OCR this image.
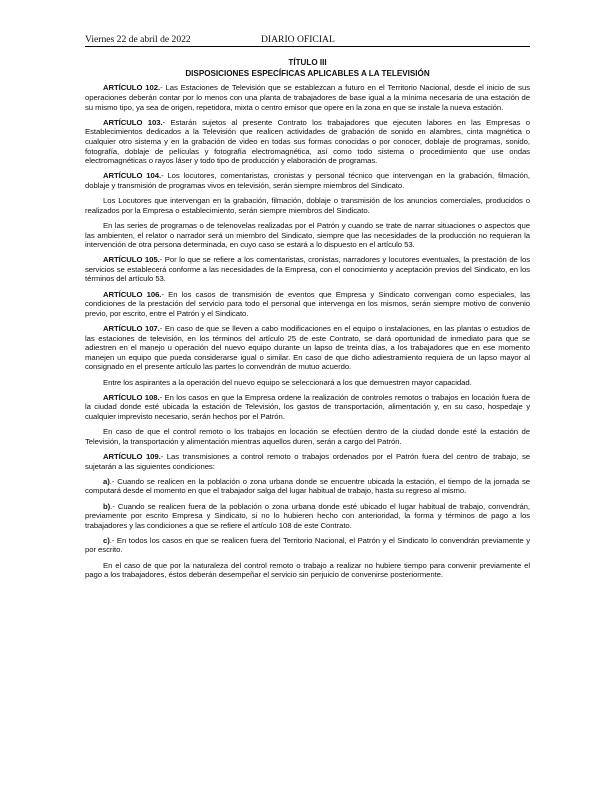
Viernes 22 de abril de 2022	DIARIO OFICIAL

TÍTULO III

DISPOSICIONES ESPECÍFICAS APLICABLES A LA TELEVISIÓN

ARTÍCULO 102.- Las Estaciones de Televisión que se establezcan a futuro en el Territorio Nacional, desde el inicio de sus operaciones deberán contar por lo menos con una planta de trabajadores de base igual a la mínima necesaria de una estación de su mismo tipo, ya sea de origen, repetidora, mixta o centro emisor que opere en la zona en que se instale la nueva estación.

ARTÍCULO 103.- Estarán sujetos al presente Contrato los trabajadores que ejecuten labores en las Empresas o Establecimientos dedicados a la Televisión que realicen actividades de grabación de sonido en alambres, cinta magnética o cualquier otro sistema y en la grabación de video en todas sus formas conocidas o por conocer, doblaje de programas, sonido, fotografía, doblaje de películas y fotografía electromagnética, así como todo sistema o procedimiento que use ondas electromagnéticas o rayos láser y todo tipo de producción y elaboración de programas.

ARTÍCULO 104.- Los locutores, comentaristas, cronistas y personal técnico que intervengan en la grabación, filmación, doblaje y transmisión de programas vivos en televisión, serán siempre miembros del Sindicato.

Los Locutores que intervengan en la grabación, filmación, doblaje o transmisión de los anuncios comerciales, producidos o realizados por la Empresa o establecimiento, serán siempre miembros del Sindicato.

En las series de programas o de telenovelas realizadas por el Patrón y cuando se trate de narrar situaciones o aspectos que las ambienten, el relator o narrador será un miembro del Sindicato, siempre que las necesidades de la producción no requieran la intervención de otra persona determinada, en cuyo caso se estará a lo dispuesto en el artículo 53.

ARTÍCULO 105.- Por lo que se refiere a los comentaristas, cronistas, narradores y locutores eventuales, la prestación de los servicios se establecerá conforme a las necesidades de la Empresa, con el conocimiento y aceptación previos del Sindicato, en los términos del artículo 53.

ARTÍCULO 106.- En los casos de transmisión de eventos que Empresa y Sindicato convengan como especiales, las condiciones de la prestación del servicio para todo el personal que intervenga en los mismos, serán siempre motivo de convenio previo, por escrito, entre el Patrón y el Sindicato.

ARTÍCULO 107.- En caso de que se lleven a cabo modificaciones en el equipo o instalaciones, en las plantas o estudios de las estaciones de televisión, en los términos del artículo 25 de este Contrato, se dará oportunidad de inmediato para que se adiestren en el manejo u operación del nuevo equipo durante un lapso de treinta días, a los trabajadores que en ese momento manejen un equipo que pueda considerarse igual o similar. En caso de que dicho adiestramiento requiera de un lapso mayor al consignado en el presente artículo las partes lo convendrán de mutuo acuerdo.

Entre los aspirantes a la operación del nuevo equipo se seleccionará a los que demuestren mayor capacidad.

ARTÍCULO 108.- En los casos en que la Empresa ordene la realización de controles remotos o trabajos en locación fuera de la ciudad donde esté ubicada la estación de Televisión, los gastos de transportación, alimentación y, en su caso, hospedaje y cualquier imprevisto necesario, serán hechos por el Patrón.

En caso de que el control remoto o los trabajos en locación se efectúen dentro de la ciudad donde esté la estación de Televisión, la transportación y alimentación mientras aquellos duren, serán a cargo del Patrón.

ARTÍCULO 109.- Las transmisiones a control remoto o trabajos ordenados por el Patrón fuera del centro de trabajo, se sujetarán a las siguientes condiciones:

a).- Cuando se realicen en la población o zona urbana donde se encuentre ubicada la estación, el tiempo de la jornada se computará desde el momento en que el trabajador salga del lugar habitual de trabajo, hasta su regreso al mismo.

b).- Cuando se realicen fuera de la población o zona urbana donde esté ubicado el lugar habitual de trabajo, convendrán, previamente por escrito Empresa y Sindicato, si no lo hubieren hecho con anterioridad, la forma y términos de pago a los trabajadores y las condiciones a que se refiere el artículo 108 de este Contrato.

c).- En todos los casos en que se realicen fuera del Territorio Nacional, el Patrón y el Sindicato lo convendrán previamente y por escrito.

En el caso de que por la naturaleza del control remoto o trabajo a realizar no hubiere tiempo para convenir previamente el pago a los trabajadores, éstos deberán desempeñar el servicio sin perjuicio de convenirse posteriormente.
